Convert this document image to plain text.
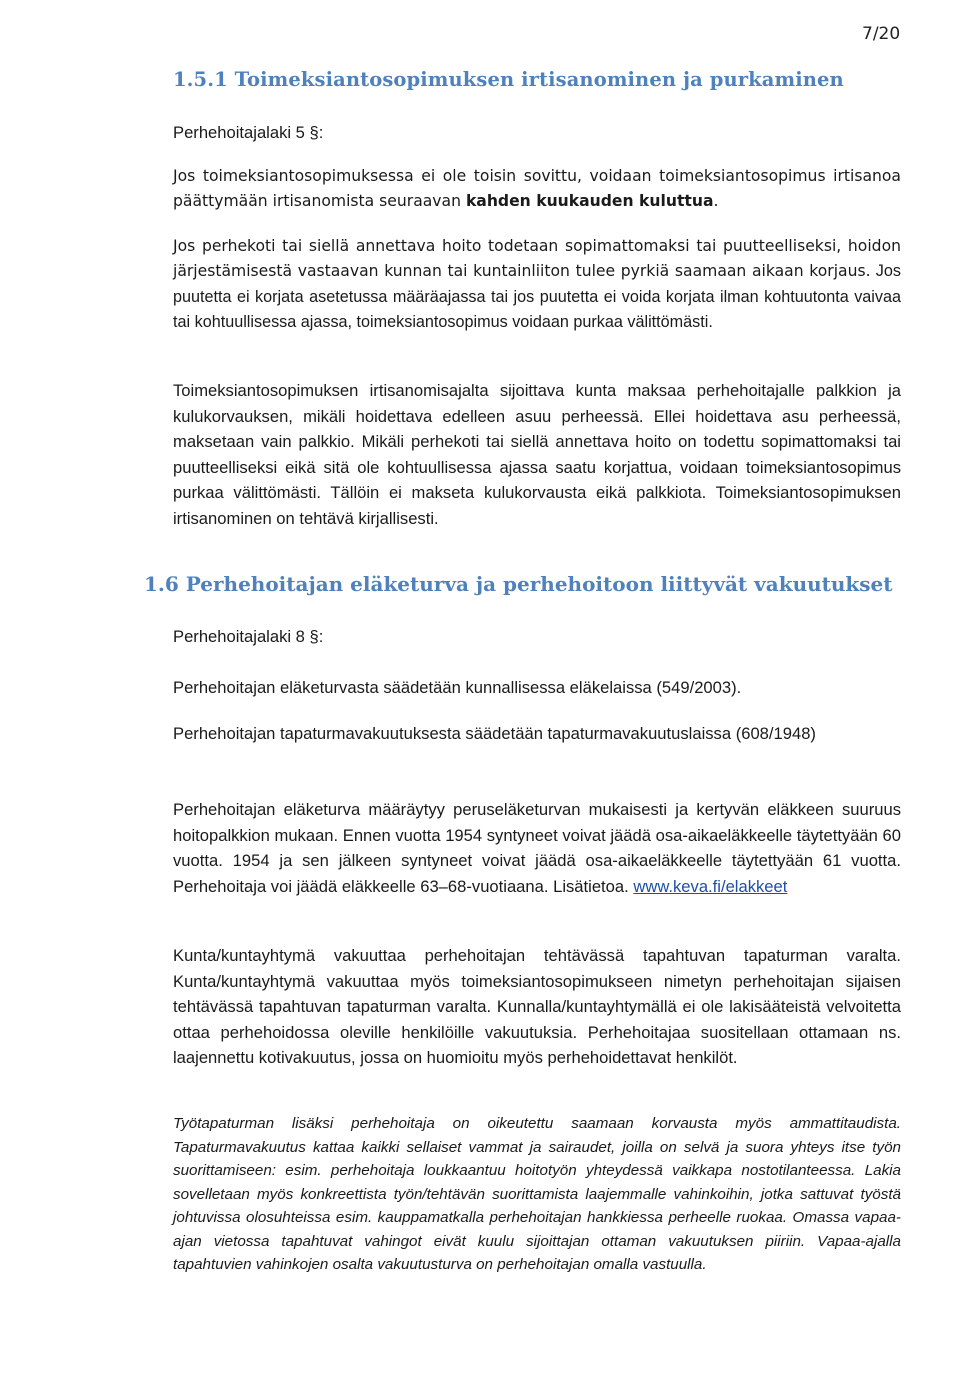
7/20
1.5.1 Toimeksiantosopimuksen irtisanominen ja purkaminen

Perhehoitajalaki 5 §:

Jos toimeksiantosopimuksessa ei ole toisin sovittu, voidaan toimeksiantosopimus irtisanoa päättymään irtisanomista seuraavan kahden kuukauden kuluttua.

Jos perhekoti tai siellä annettava hoito todetaan sopimattomaksi tai puutteelliseksi, hoidon järjestämisestä vastaavan kunnan tai kuntainliiton tulee pyrkiä saamaan aikaan korjaus. Jos puutetta ei korjata asetetussa määräajassa tai jos puutetta ei voida korjata ilman kohtuutonta vaivaa tai kohtuullisessa ajassa, toimeksiantosopimus voidaan purkaa välittömästi.

Toimeksiantosopimuksen irtisanomisajalta sijoittava kunta maksaa perhehoitajalle palkkion ja kulukorvauksen, mikäli hoidettava edelleen asuu perheessä. Ellei hoidettava asu perheessä, maksetaan vain palkkio. Mikäli perhekoti tai siellä annettava hoito on todettu sopimattomaksi tai puutteelliseksi eikä sitä ole kohtuullisessa ajassa saatu korjattua, voidaan toimeksiantosopimus purkaa välittömästi. Tällöin ei makseta kulukorvausta eikä palkkiota. Toimeksiantosopimuksen irtisanominen on tehtävä kirjallisesti.

1.6 Perhehoitajan eläketurva ja perhehoitoon liittyvät vakuutukset

Perhehoitajalaki 8 §:

Perhehoitajan eläketurvasta säädetään kunnallisessa eläkelaissa (549/2003).

Perhehoitajan tapaturmavakuutuksesta säädetään tapaturmavakuutuslaissa (608/1948)

Perhehoitajan eläketurva määräytyy peruseläketurvan mukaisesti ja kertyvän eläkkeen suuruus hoitopalkkion mukaan. Ennen vuotta 1954 syntyneet voivat jäädä osa-aikaeläkkeelle täytettyään 60 vuotta. 1954 ja sen jälkeen syntyneet voivat jäädä osa-aikaeläkkeelle täytettyään 61 vuotta. Perhehoitaja voi jäädä eläkkeelle 63–68-vuotiaana. Lisätietoa. www.keva.fi/elakkeet

Kunta/kuntayhtymä vakuuttaa perhehoitajan tehtävässä tapahtuvan tapaturman varalta. Kunta/kuntayhtymä vakuuttaa myös toimeksiantosopimukseen nimetyn perhehoitajan sijaisen tehtävässä tapahtuvan tapaturman varalta. Kunnalla/kuntayhtymällä ei ole lakisääteistä velvoitetta ottaa perhehoidossa oleville henkilöille vakuutuksia. Perhehoitajaa suositellaan ottamaan ns. laajennettu kotivakuutus, jossa on huomioitu myös perhehoidettavat henkilöt.

Työtapaturman lisäksi perhehoitaja on oikeutettu saamaan korvausta myös ammattitaudista. Tapaturmavakuutus kattaa kaikki sellaiset vammat ja sairaudet, joilla on selvä ja suora yhteys itse työn suorittamiseen: esim. perhehoitaja loukkaantuu hoitotyön yhteydessä vaikkapa nostotilanteessa. Lakia sovelletaan myös konkreettista työn/tehtävän suorittamista laajemmalle vahinkoihin, jotka sattuvat työstä johtuvissa olosuhteissa esim. kauppamatkalla perhehoitajan hankkiessa perheelle ruokaa. Omassa vapaa-ajan vietossa tapahtuvat vahingot eivät kuulu sijoittajan ottaman vakuutuksen piiriin. Vapaa-ajalla tapahtuvien vahinkojen osalta vakuutusturva on perhehoitajan omalla vastuulla.
